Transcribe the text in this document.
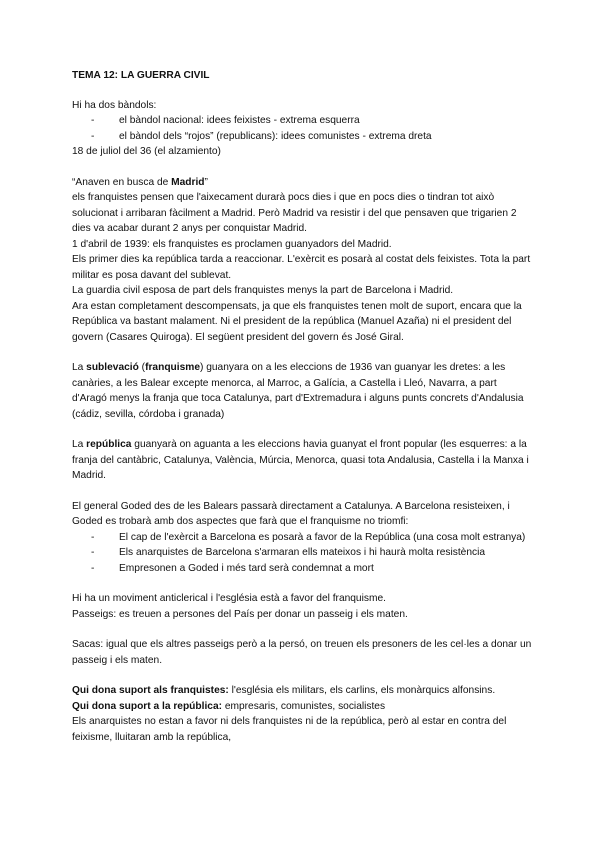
TEMA 12: LA GUERRA CIVIL

Hi ha dos bàndols:

- el bàndol nacional: idees feixistes - extrema esquerra
- el bàndol dels “rojos” (republicans): idees comunistes - extrema dreta

18 de juliol del 36 (el alzamiento)

“Anaven en busca de Madrid”

els franquistes pensen que l'aixecament durarà pocs dies i que en pocs dies o tindran tot això solucionat i arribaran fàcilment a Madrid. Però Madrid va resistir i del que pensaven que trigarien 2 dies va acabar durant 2 anys per conquistar Madrid.

1 d'abril de 1939: els franquistes es proclamen guanyadors del Madrid.

Els primer dies ka república tarda a reaccionar. L'exèrcit es posarà al costat dels feixistes. Tota la part militar es posa davant del sublevat.

La guardia civil esposa de part dels franquistes menys la part de Barcelona i Madrid.

Ara estan completament descompensats, ja que els franquistes tenen molt de suport, encara que la República va bastant malament. Ni el president de la república (Manuel Azaña) ni el president del govern (Casares Quiroga). El següent president del govern és José Giral.

La sublevació (franquisme) guanyara on a les eleccions de 1936 van guanyar les dretes: a les canàries, a les Balear excepte menorca, al Marroc, a Galícia, a Castella i Lleó, Navarra, a part d'Aragó menys la franja que toca Catalunya, part d'Extremadura i alguns punts concrets d'Andalusia (cádiz, sevilla, córdoba i granada)

La república guanyarà on aguanta a les eleccions havia guanyat el front popular (les esquerres: a la franja del cantàbric, Catalunya, València, Múrcia, Menorca, quasi tota Andalusia, Castella i la Manxa i Madrid.

El general Goded des de les Balears passarà directament a Catalunya. A Barcelona resisteixen, i Goded es trobarà amb dos aspectes que farà que el franquisme no triomfi:

- El cap de l'exèrcit a Barcelona es posarà a favor de la República (una cosa molt estranya)
- Els anarquistes de Barcelona s'armaran ells mateixos i hi haurà molta resistència
- Empresonen a Goded i més tard serà condemnat a mort

Hi ha un moviment anticlerical i l'església està a favor del franquisme.

Passeigs: es treuen a persones del País per donar un passeig i els maten.

Sacas: igual que els altres passeigs però a la persó, on treuen els presoners de les cel·les a donar un passeig i els maten.

Qui dona suport als franquistes: l'església els militars, els carlins, els monàrquics alfonsins.

Qui dona suport a la república: empresaris, comunistes, socialistes

Els anarquistes no estan a favor ni dels franquistes ni de la república, però al estar en contra del feixisme, lluitaran amb la república,
